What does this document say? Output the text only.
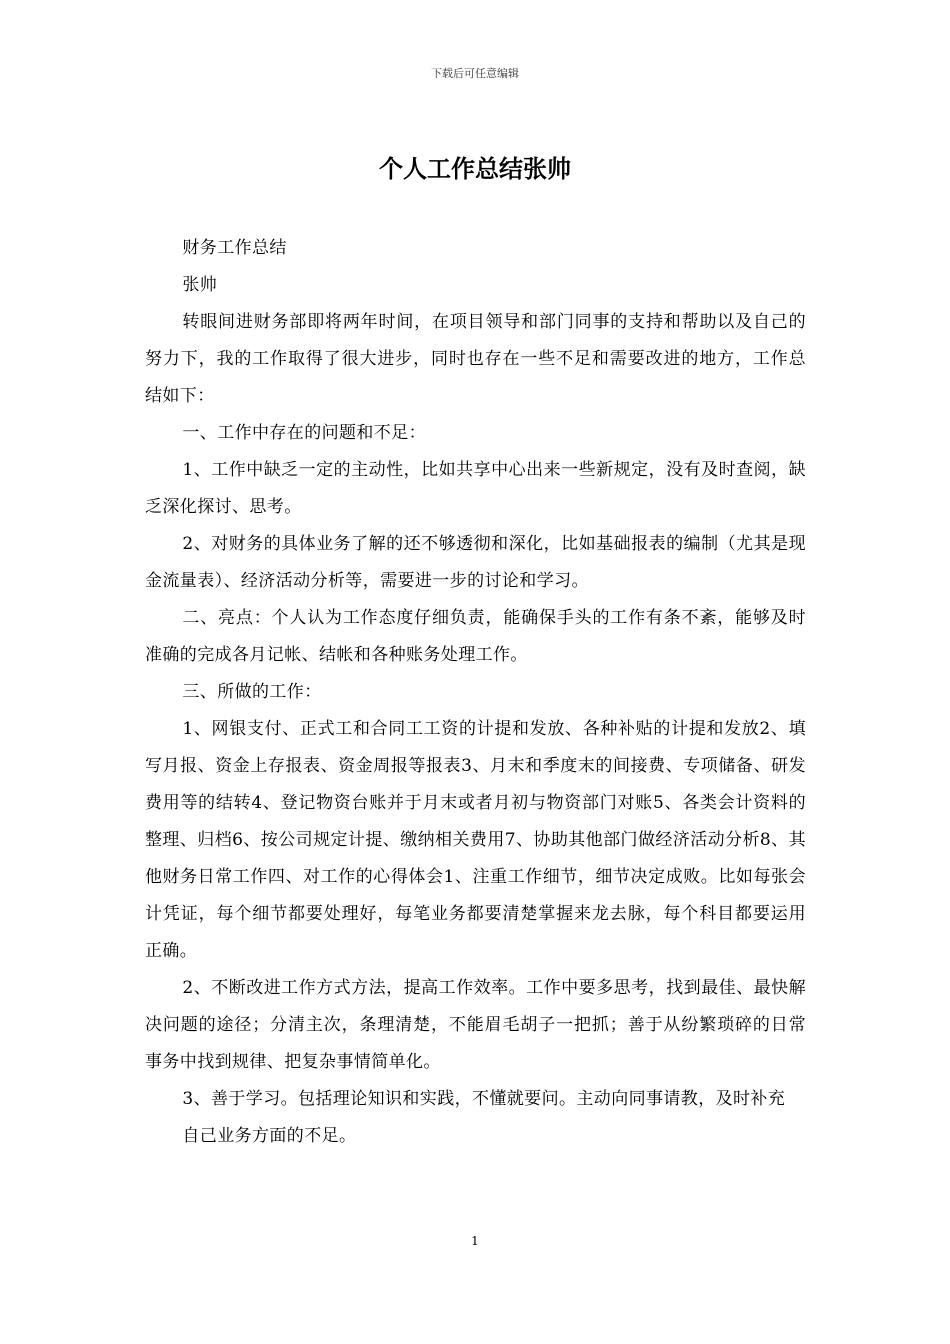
下载后可任意编辑
个人工作总结张帅

财务工作总结

张帅

转眼间进财务部即将两年时间，在项目领导和部门同事的支持和帮助以及自己的努力下，我的工作取得了很大进步，同时也存在一些不足和需要改进的地方，工作总结如下：

一、工作中存在的问题和不足：

1、工作中缺乏一定的主动性，比如共享中心出来一些新规定，没有及时查阅，缺乏深化探讨、思考。

2、对财务的具体业务了解的还不够透彻和深化，比如基础报表的编制（尤其是现金流量表）、经济活动分析等，需要进一步的讨论和学习。

二、亮点：个人认为工作态度仔细负责，能确保手头的工作有条不紊，能够及时准确的完成各月记帐、结帐和各种账务处理工作。

三、所做的工作：

1、网银支付、正式工和合同工工资的计提和发放、各种补贴的计提和发放2、填写月报、资金上存报表、资金周报等报表3、月末和季度末的间接费、专项储备、研发费用等的结转4、登记物资台账并于月末或者月初与物资部门对账5、各类会计资料的整理、归档6、按公司规定计提、缴纳相关费用7、协助其他部门做经济活动分析8、其他财务日常工作四、对工作的心得体会1、注重工作细节，细节决定成败。比如每张会计凭证，每个细节都要处理好，每笔业务都要清楚掌握来龙去脉，每个科目都要运用正确。

2、不断改进工作方式方法，提高工作效率。工作中要多思考，找到最佳、最快解决问题的途径；分清主次，条理清楚，不能眉毛胡子一把抓；善于从纷繁琐碎的日常事务中找到规律、把复杂事情简单化。

3、善于学习。包括理论知识和实践，不懂就要问。主动向同事请教，及时补充

自己业务方面的不足。

1
